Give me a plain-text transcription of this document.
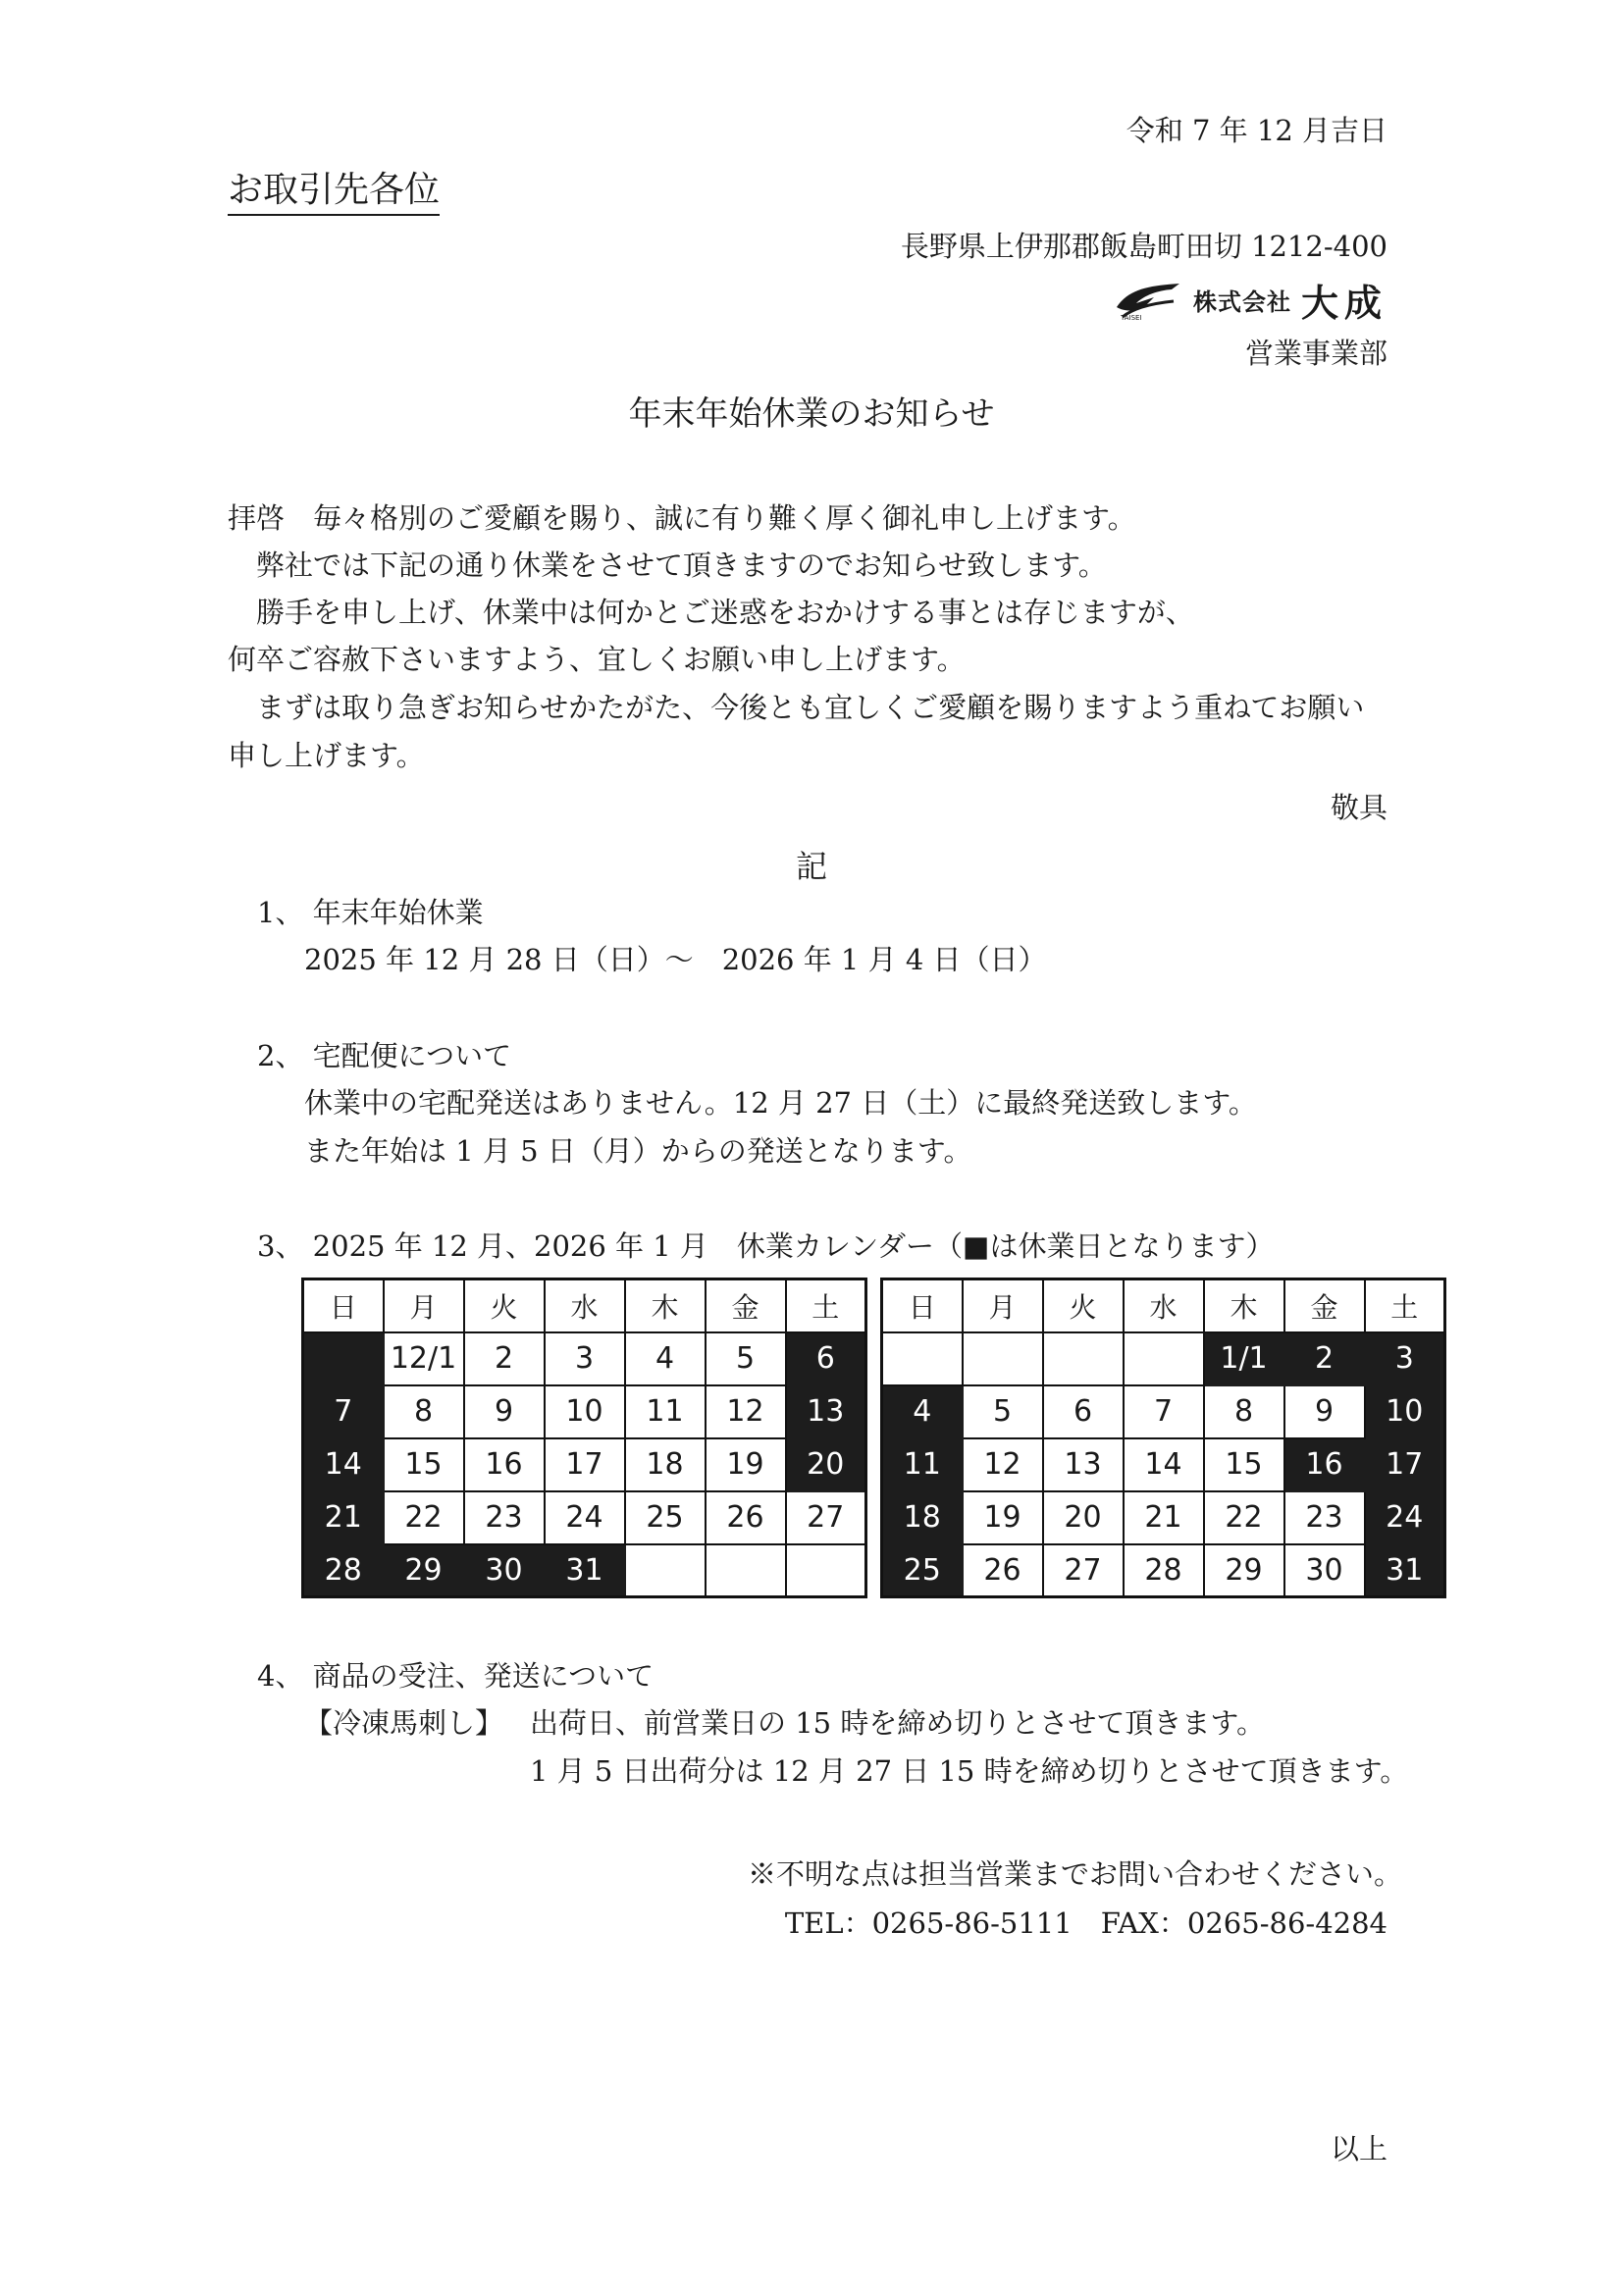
令和 7 年 12 月吉日
お取引先各位
長野県上伊那郡飯島町田切 1212-400
TAISEI
株式会社 大成
営業事業部
年末年始休業のお知らせ
拝啓　毎々格別のご愛顧を賜り、誠に有り難く厚く御礼申し上げます。
　弊社では下記の通り休業をさせて頂きますのでお知らせ致します。
　勝手を申し上げ、休業中は何かとご迷惑をおかけする事とは存じますが、
何卒ご容赦下さいますよう、宜しくお願い申し上げます。
　まずは取り急ぎお知らせかたがた、今後とも宜しくご愛顧を賜りますよう重ねてお願い
申し上げます。
敬具
記
1、 年末年始休業
2025 年 12 月 28 日（日）～　2026 年 1 月 4 日（日）
2、 宅配便について
休業中の宅配発送はありません。12 月 27 日（土）に最終発送致します。
また年始は 1 月 5 日（月）からの発送となります。
3、 2025 年 12 月、2026 年 1 月　休業カレンダー（■は休業日となります）
日	月	火	水	木	金	土
	12/1	2	3	4	5	6
7	8	9	10	11	12	13
14	15	16	17	18	19	20
21	22	23	24	25	26	27
28	29	30	31			
日	月	火	水	木	金	土
				1/1	2	3
4	5	6	7	8	9	10
11	12	13	14	15	16	17
18	19	20	21	22	23	24
25	26	27	28	29	30	31
4、 商品の受注、発送について
【冷凍馬刺し】 出荷日、前営業日の 15 時を締め切りとさせて頂きます。
1 月 5 日出荷分は 12 月 27 日 15 時を締め切りとさせて頂きます。
※不明な点は担当営業までお問い合わせください。
TEL：0265-86-5111　FAX：0265-86-4284
以上
